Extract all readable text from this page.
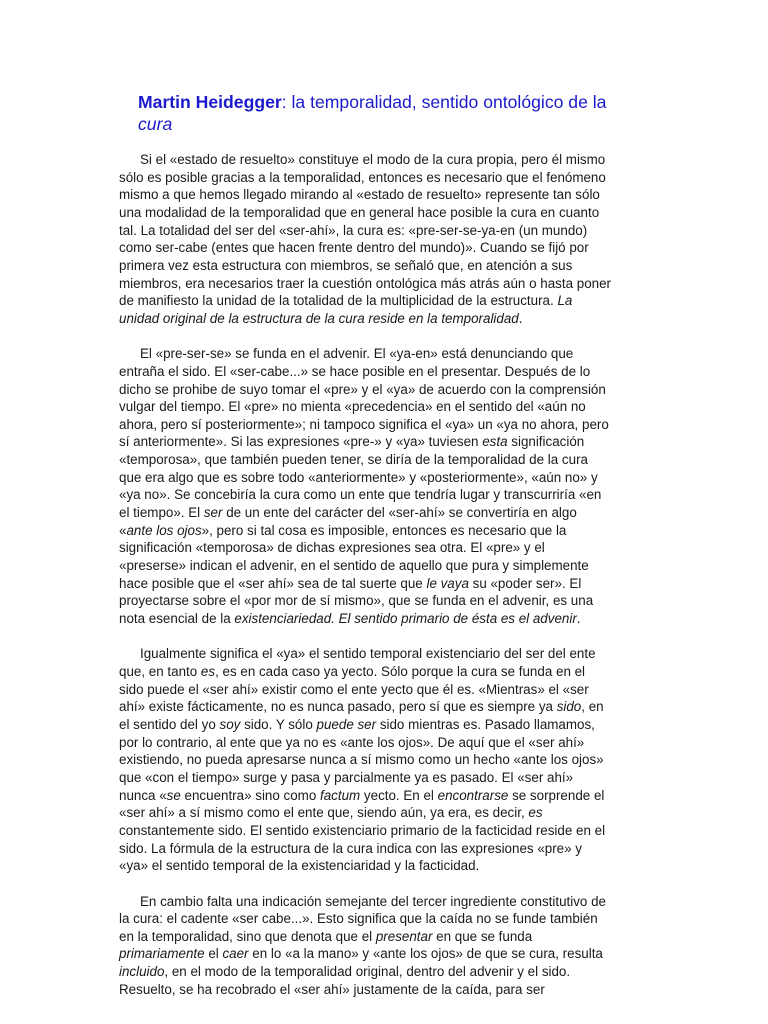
Martin Heidegger: la temporalidad, sentido ontológico de la cura

Si el «estado de resuelto» constituye el modo de la cura propia, pero él mismo sólo es posible gracias a la temporalidad, entonces es necesario que el fenómeno mismo a que hemos llegado mirando al «estado de resuelto» represente tan sólo una modalidad de la temporalidad que en general hace posible la cura en cuanto tal. La totalidad del ser del «ser-ahí», la cura es: «pre-ser-se-ya-en (un mundo) como ser-cabe (entes que hacen frente dentro del mundo)». Cuando se fijó por primera vez esta estructura con miembros, se señaló que, en atención a sus miembros, era necesarios traer la cuestión ontológica más atrás aún o hasta poner de manifiesto la unidad de la totalidad de la multiplicidad de la estructura. La unidad original de la estructura de la cura reside en la temporalidad.

El «pre-ser-se» se funda en el advenir. El «ya-en» está denunciando que entraña el sido. El «ser-cabe...» se hace posible en el presentar. Después de lo dicho se prohibe de suyo tomar el «pre» y el «ya» de acuerdo con la comprensión vulgar del tiempo. El «pre» no mienta «precedencia» en el sentido del «aún no ahora, pero sí posteriormente»; ni tampoco significa el «ya» un «ya no ahora, pero sí anteriormente». Si las expresiones «pre-» y «ya» tuviesen esta significación «temporosa», que también pueden tener, se diría de la temporalidad de la cura que era algo que es sobre todo «anteriormente» y «posteriormente», «aún no» y «ya no». Se concebiría la cura como un ente que tendría lugar y transcurriría «en el tiempo». El ser de un ente del carácter del «ser-ahí» se convertiría en algo «ante los ojos», pero si tal cosa es imposible, entonces es necesario que la significación «temporosa» de dichas expresiones sea otra. El «pre» y el «preserse» indican el advenir, en el sentido de aquello que pura y simplemente hace posible que el «ser ahí» sea de tal suerte que le vaya su «poder ser». El proyectarse sobre el «por mor de sí mismo», que se funda en el advenir, es una nota esencial de la existenciariedad. El sentido primario de ésta es el advenir.

Igualmente significa el «ya» el sentido temporal existenciario del ser del ente que, en tanto es, es en cada caso ya yecto. Sólo porque la cura se funda en el sido puede el «ser ahí» existir como el ente yecto que él es. «Mientras» el «ser ahí» existe fácticamente, no es nunca pasado, pero sí que es siempre ya sido, en el sentido del yo soy sido. Y sólo puede ser sido mientras es. Pasado llamamos, por lo contrario, al ente que ya no es «ante los ojos». De aquí que el «ser ahí» existiendo, no pueda apresarse nunca a sí mismo como un hecho «ante los ojos» que «con el tiempo» surge y pasa y parcialmente ya es pasado. El «ser ahí» nunca «se encuentra» sino como factum yecto. En el encontrarse se sorprende el «ser ahí» a sí mismo como el ente que, siendo aún, ya era, es decir, es constantemente sido. El sentido existenciario primario de la facticidad reside en el sido. La fórmula de la estructura de la cura indica con las expresiones «pre» y «ya» el sentido temporal de la existenciaridad y la facticidad.

En cambio falta una indicación semejante del tercer ingrediente constitutivo de la cura: el cadente «ser cabe...». Esto significa que la caída no se funde también en la temporalidad, sino que denota que el presentar en que se funda primariamente el caer en lo «a la mano» y «ante los ojos» de que se cura, resulta incluido, en el modo de la temporalidad original, dentro del advenir y el sido. Resuelto, se ha recobrado el «ser ahí» justamente de la caída, para ser
